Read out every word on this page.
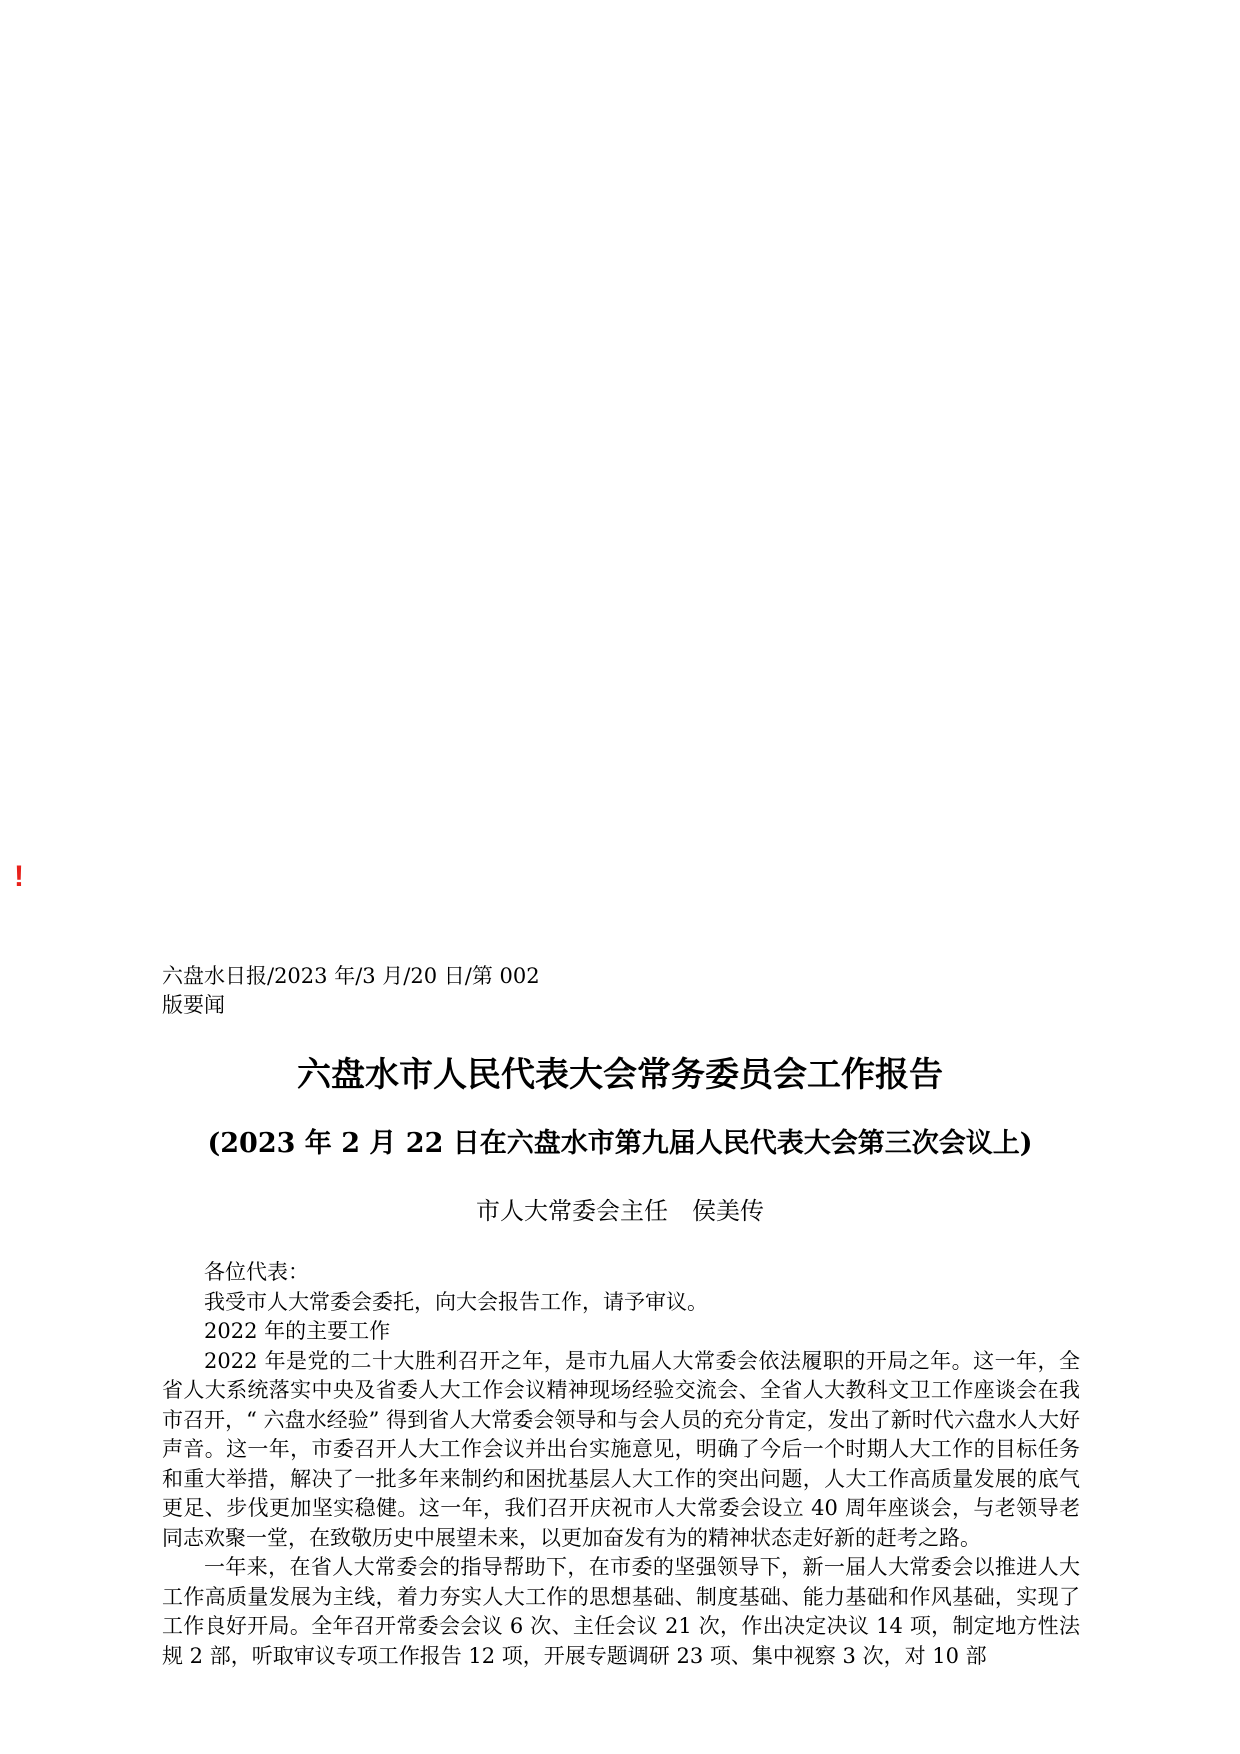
!
六盘水日报/2023 年/3 月/20 日/第 002
版要闻
六盘水市人民代表大会常务委员会工作报告
(2023 年 2 月 22 日在六盘水市第九届人民代表大会第三次会议上)
市人大常委会主任　侯美传

各位代表：

我受市人大常委会委托，向大会报告工作，请予审议。

2022 年的主要工作

2022 年是党的二十大胜利召开之年，是市九届人大常委会依法履职的开局之年。这一年，全省人大系统落实中央及省委人大工作会议精神现场经验交流会、全省人大教科文卫工作座谈会在我市召开，“ 六盘水经验” 得到省人大常委会领导和与会人员的充分肯定，发出了新时代六盘水人大好声音。这一年，市委召开人大工作会议并出台实施意见，明确了今后一个时期人大工作的目标任务和重大举措，解决了一批多年来制约和困扰基层人大工作的突出问题，人大工作高质量发展的底气更足、步伐更加坚实稳健。这一年，我们召开庆祝市人大常委会设立 40 周年座谈会，与老领导老同志欢聚一堂，在致敬历史中展望未来，以更加奋发有为的精神状态走好新的赶考之路。

一年来，在省人大常委会的指导帮助下，在市委的坚强领导下，新一届人大常委会以推进人大工作高质量发展为主线，着力夯实人大工作的思想基础、制度基础、能力基础和作风基础，实现了工作良好开局。全年召开常委会会议 6 次、主任会议 21 次，作出决定决议 14 项，制定地方性法规 2 部，听取审议专项工作报告 12 项，开展专题调研 23 项、集中视察 3 次，对 10 部
